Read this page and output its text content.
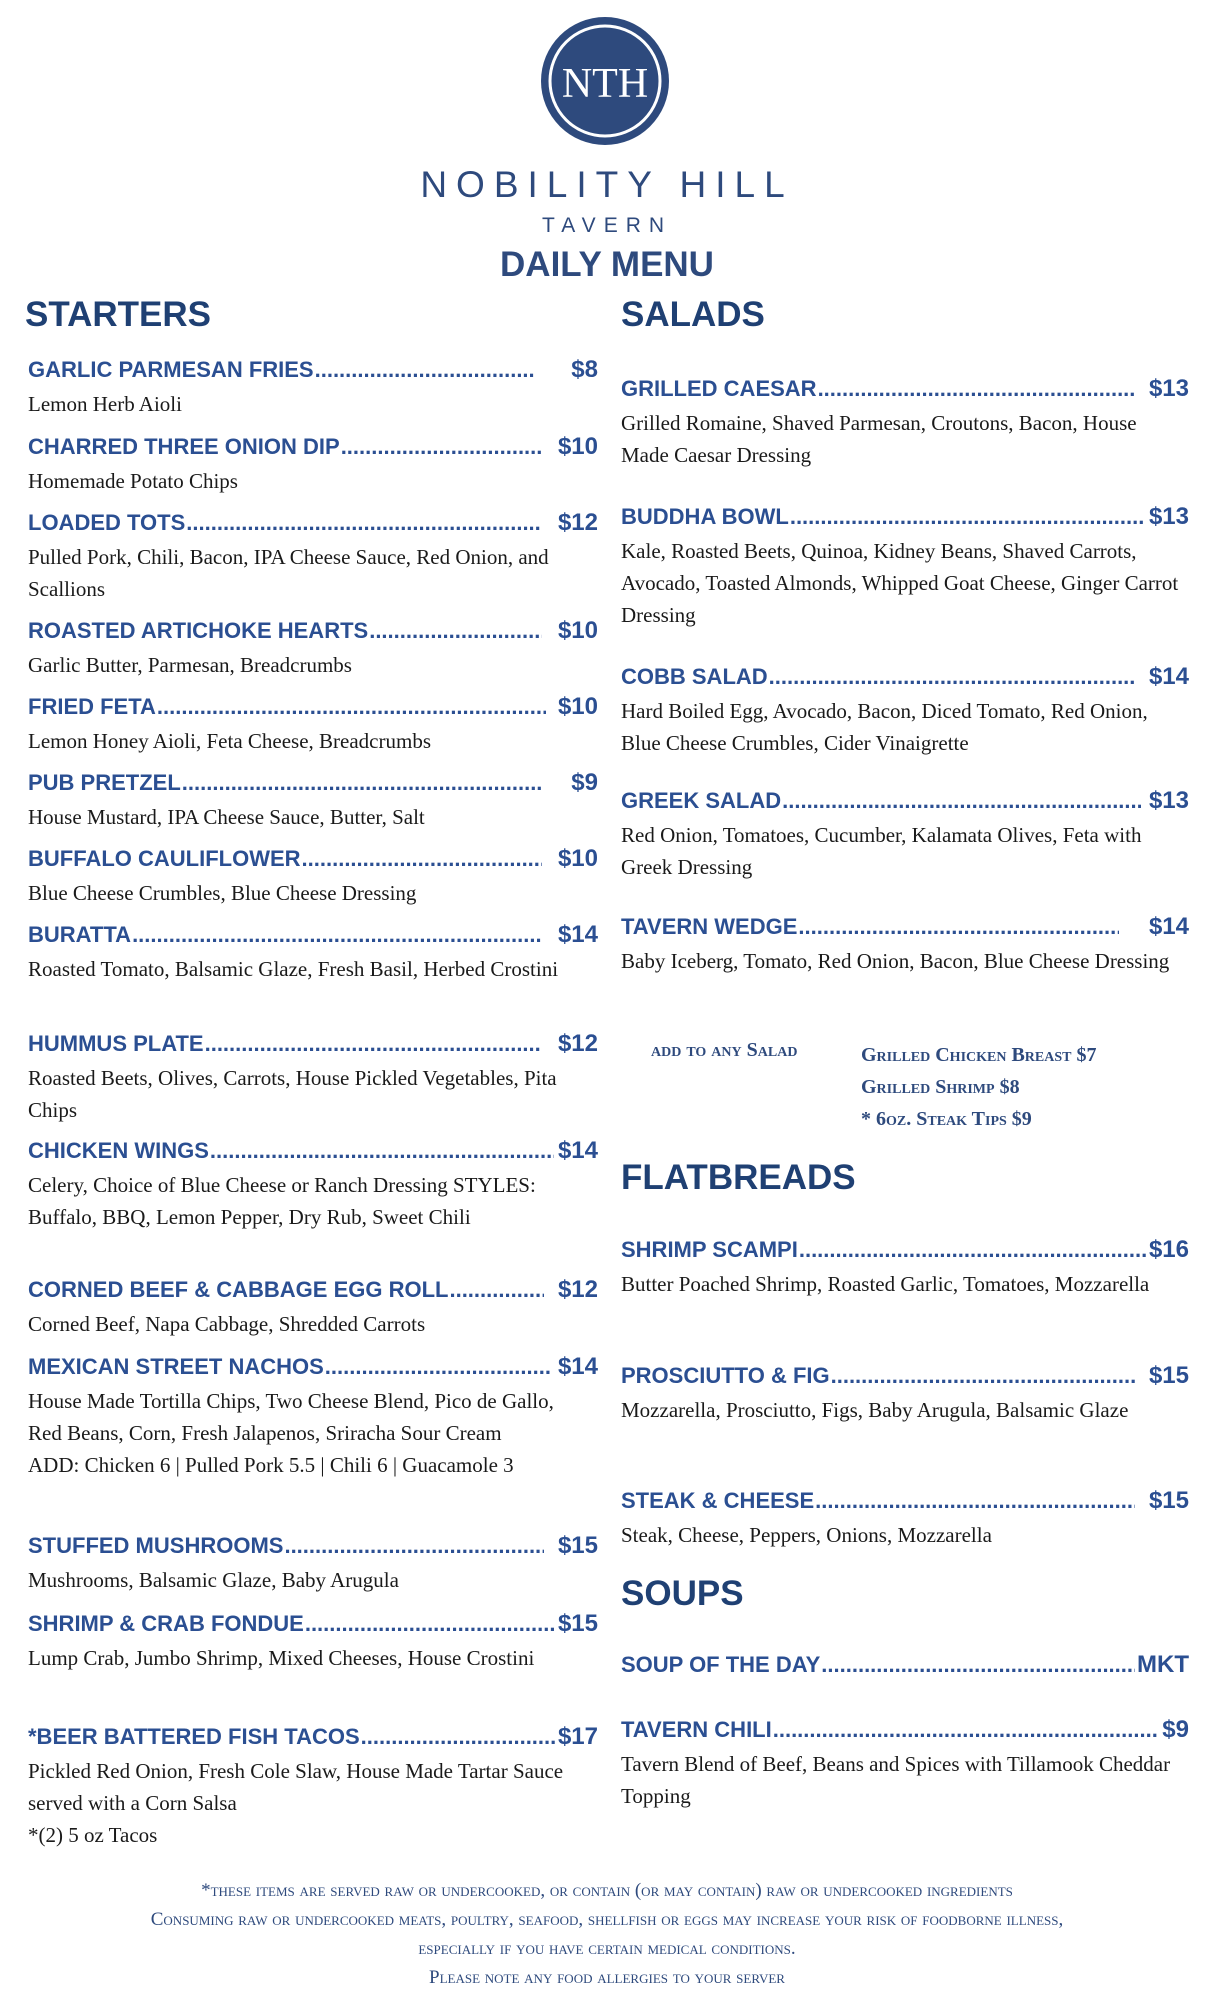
NTH
NOBILITY HILL
TAVERN
DAILY MENU
STARTERS
GARLIC PARMESAN FRIES .....	$8
Lemon Herb Aioli
CHARRED THREE ONION DIP .....	$10
Homemade Potato Chips
LOADED TOTS .....	$12
Pulled Pork, Chili, Bacon, IPA Cheese Sauce, Red Onion, and Scallions
ROASTED ARTICHOKE HEARTS .....	$10
Garlic Butter, Parmesan, Breadcrumbs
FRIED FETA .....	$10
Lemon Honey Aioli, Feta Cheese, Breadcrumbs
PUB PRETZEL .....	$9
House Mustard, IPA Cheese Sauce, Butter, Salt
BUFFALO CAULIFLOWER .....	$10
Blue Cheese Crumbles, Blue Cheese Dressing
BURATTA .....	$14
Roasted Tomato, Balsamic Glaze, Fresh Basil, Herbed Crostini
HUMMUS PLATE .....	$12
Roasted Beets, Olives, Carrots, House Pickled Vegetables, Pita Chips
CHICKEN WINGS .....	$14
Celery, Choice of Blue Cheese or Ranch Dressing STYLES: Buffalo, BBQ, Lemon Pepper, Dry Rub, Sweet Chili
CORNED BEEF & CABBAGE EGG ROLL .....	$12
Corned Beef, Napa Cabbage, Shredded Carrots
MEXICAN STREET NACHOS .....	$14
House Made Tortilla Chips, Two Cheese Blend, Pico de Gallo, Red Beans, Corn, Fresh Jalapenos, Sriracha Sour Cream
ADD: Chicken 6 | Pulled Pork 5.5 | Chili 6 | Guacamole 3
STUFFED MUSHROOMS .....	$15
Mushrooms, Balsamic Glaze, Baby Arugula
SHRIMP & CRAB FONDUE .....	$15
Lump Crab, Jumbo Shrimp, Mixed Cheeses, House Crostini
*BEER BATTERED FISH TACOS .....	$17
Pickled Red Onion, Fresh Cole Slaw, House Made Tartar Sauce served with a Corn Salsa
*(2) 5 oz Tacos
SALADS
GRILLED CAESAR .....	$13
Grilled Romaine, Shaved Parmesan, Croutons, Bacon, House Made Caesar Dressing
BUDDHA BOWL .....	$13
Kale, Roasted Beets, Quinoa, Kidney Beans, Shaved Carrots, Avocado, Toasted Almonds, Whipped Goat Cheese, Ginger Carrot Dressing
COBB SALAD .....	$14
Hard Boiled Egg, Avocado, Bacon, Diced Tomato, Red Onion, Blue Cheese Crumbles, Cider Vinaigrette
GREEK SALAD .....	$13
Red Onion, Tomatoes, Cucumber, Kalamata Olives, Feta with Greek Dressing
TAVERN WEDGE .....	$14
Baby Iceberg, Tomato, Red Onion, Bacon, Blue Cheese Dressing
add to any Salad	Grilled Chicken Breast $7
Grilled Shrimp $8
* 6oz. Steak Tips $9
FLATBREADS
SHRIMP SCAMPI .....	$16
Butter Poached Shrimp, Roasted Garlic, Tomatoes, Mozzarella
PROSCIUTTO & FIG .....	$15
Mozzarella, Prosciutto, Figs, Baby Arugula, Balsamic Glaze
STEAK & CHEESE .....	$15
Steak, Cheese, Peppers, Onions, Mozzarella
SOUPS
SOUP OF THE DAY .....	MKT
TAVERN CHILI .....	$9
Tavern Blend of Beef, Beans and Spices with Tillamook Cheddar Topping
*these items are served raw or undercooked, or contain (or may contain) raw or undercooked ingredients
Consuming raw or undercooked meats, poultry, seafood, shellfish or eggs may increase your risk of foodborne illness,
especially if you have certain medical conditions.
Please note any food allergies to your server
